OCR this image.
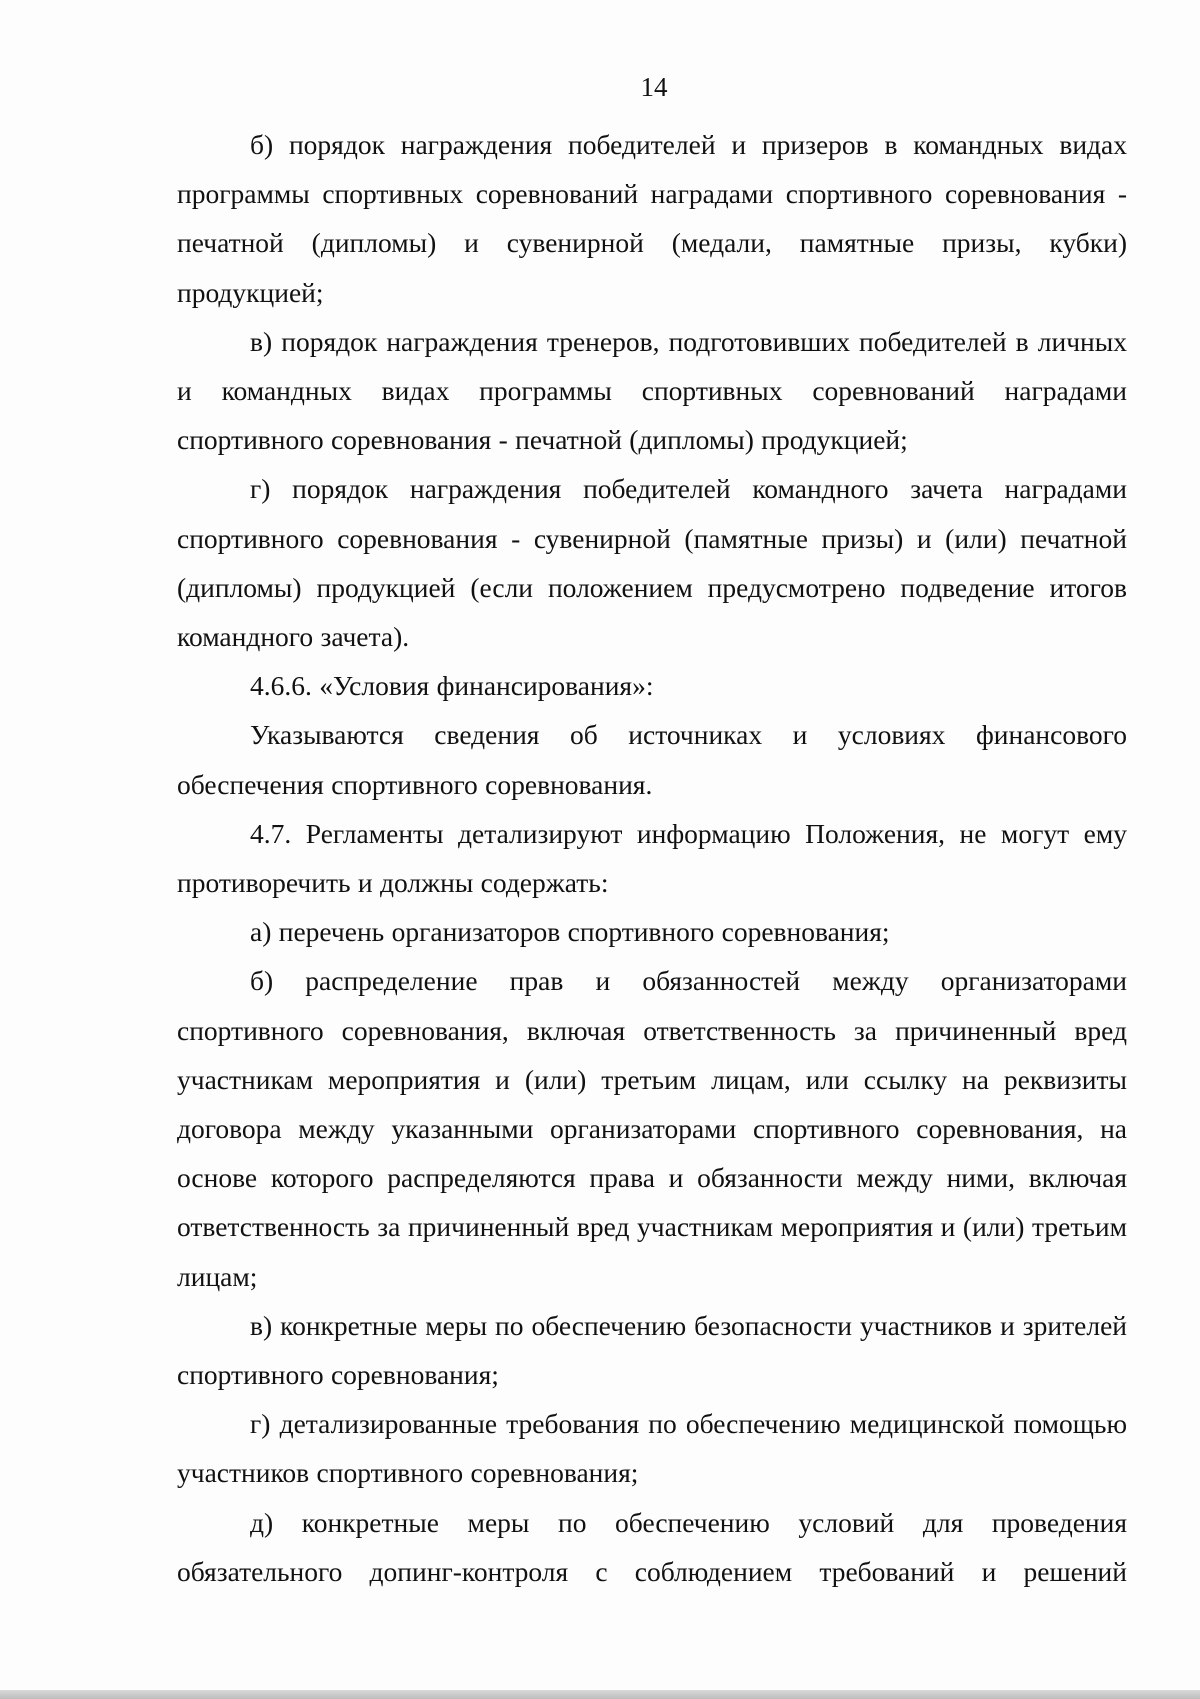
14

б) порядок награждения победителей и призеров в командных видах программы спортивных соревнований наградами спортивного соревнования - печатной (дипломы) и сувенирной (медали, памятные призы, кубки) продукцией;

в) порядок награждения тренеров, подготовивших победителей в личных и командных видах программы спортивных соревнований наградами спортивного соревнования - печатной (дипломы) продукцией;

г) порядок награждения победителей командного зачета наградами спортивного соревнования - сувенирной (памятные призы) и (или) печатной (дипломы) продукцией (если положением предусмотрено подведение итогов командного зачета).

4.6.6. «Условия финансирования»:

Указываются сведения об источниках и условиях финансового обеспечения спортивного соревнования.

4.7. Регламенты детализируют информацию Положения, не могут ему противоречить и должны содержать:

а) перечень организаторов спортивного соревнования;

б) распределение прав и обязанностей между организаторами спортивного соревнования, включая ответственность за причиненный вред участникам мероприятия и (или) третьим лицам, или ссылку на реквизиты договора между указанными организаторами спортивного соревнования, на основе которого распределяются права и обязанности между ними, включая ответственность за причиненный вред участникам мероприятия и (или) третьим лицам;

в) конкретные меры по обеспечению безопасности участников и зрителей спортивного соревнования;

г) детализированные требования по обеспечению медицинской помощью участников спортивного соревнования;

д) конкретные меры по обеспечению условий для проведения обязательного допинг-контроля с соблюдением требований и решений
